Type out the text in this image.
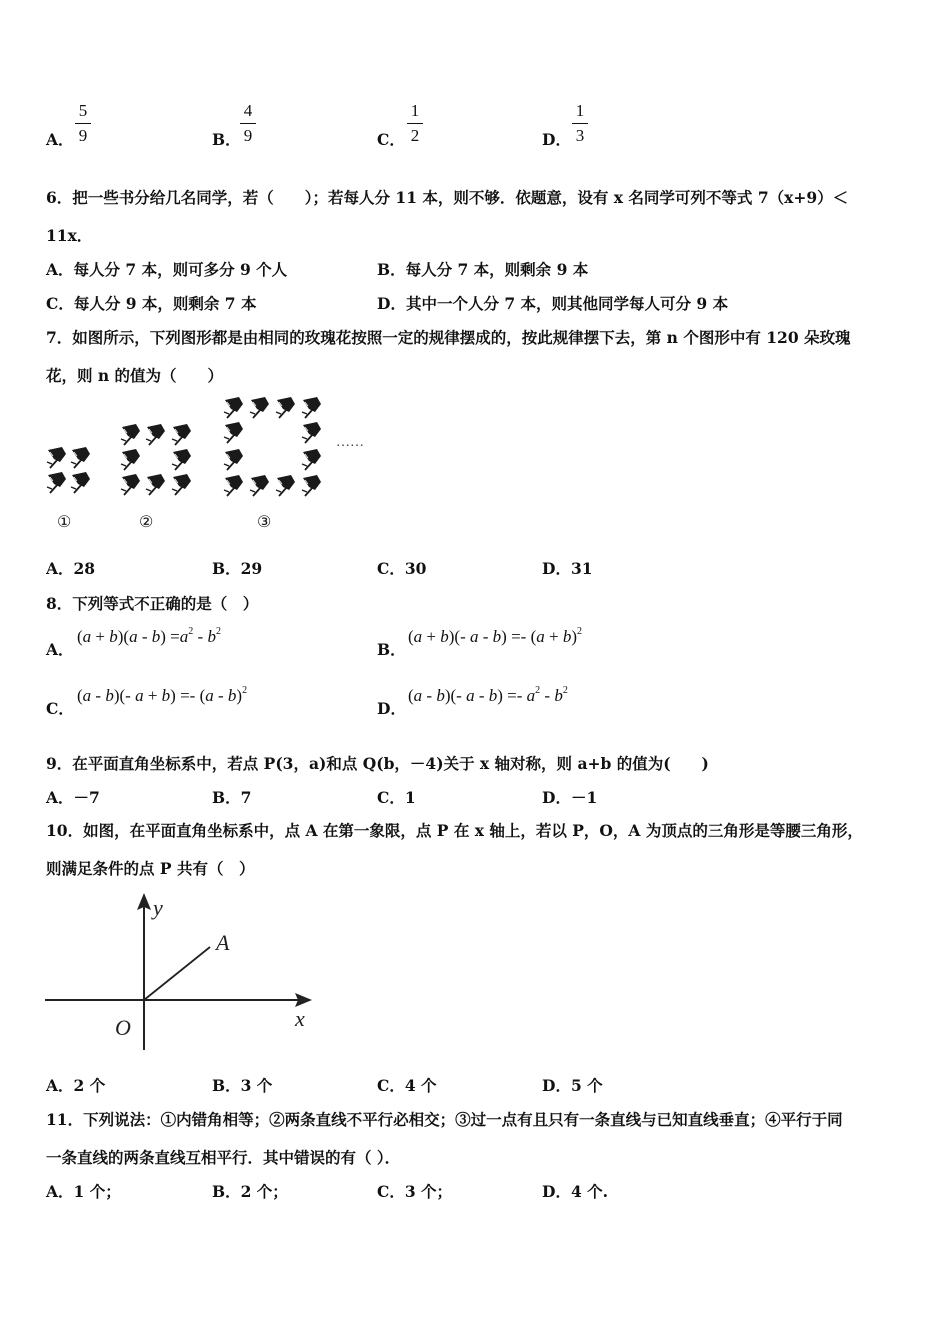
A．
5
9	B．
4
9	C．
1
2	D．
1
3
6．把一些书分给几名同学，若（　　）；若每人分 11 本，则不够．依题意，设有 x 名同学可列不等式 7（x+9）＜
11x．
A．每人分 7 本，则可多分 9 个人	B．每人分 7 本，则剩余 9 本
C．每人分 9 本，则剩余 7 本	D．其中一个人分 7 本，则其他同学每人可分 9 本
7．如图所示，下列图形都是由相同的玫瑰花按照一定的规律摆成的，按此规律摆下去，第 n 个图形中有 120 朵玫瑰
花，则 n 的值为（　　）
……
①	②	③
A．28	B．29	C．30	D．31
8．下列等式不正确的是（　）
A．
$(a + b)(a - b) =a^2 - b^2$
B．
(a + b)(- $a - b) =- (a + b)^2$
C．
(a - b)(- a + b) =- (a - b)$^2$
D．
(a - b)(- $a - b) =- a^2 - b^2$
9．在平面直角坐标系中，若点 P(3，a)和点 Q(b，－4)关于 x 轴对称，则 a+b 的值为(　　)
A．－7	B．7	C．1	D．－1
10．如图，在平面直角坐标系中，点 A 在第一象限，点 P 在 x 轴上，若以 P，O，A 为顶点的三角形是等腰三角形，
则满足条件的点 P 共有（　）
y
x
O
A
A．2 个	B．3 个	C．4 个	D．5 个
11．下列说法：①内错角相等；②两条直线不平行必相交；③过一点有且只有一条直线与已知直线垂直；④平行于同
一条直线的两条直线互相平行．其中错误的有（ ）．
A．1 个；	B．2 个；	C．3 个；	D．4 个.
